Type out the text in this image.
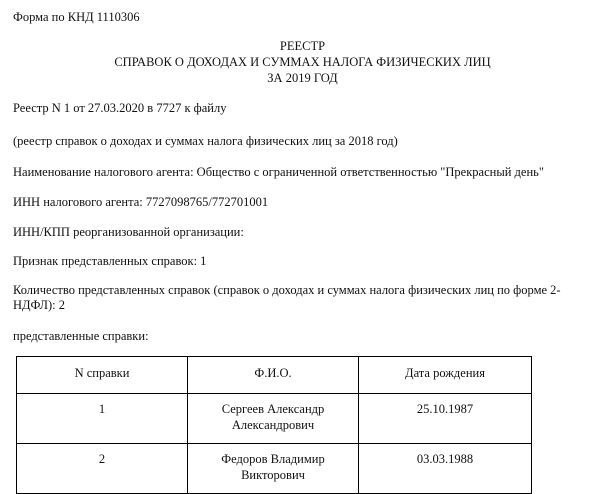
Форма по КНД 1110306
РЕЕСТР
СПРАВОК О ДОХОДАХ И СУММАХ НАЛОГА ФИЗИЧЕСКИХ ЛИЦ
ЗА 2019 ГОД
Реестр N 1 от 27.03.2020 в 7727 к файлу
(реестр справок о доходах и суммах налога физических лиц за 2018 год)
Наименование налогового агента: Общество с ограниченной ответственностью "Прекрасный день"
ИНН налогового агента: 7727098765/772701001
ИНН/КПП реорганизованной организации:
Признак представленных справок: 1
Количество представленных справок (справок о доходах и суммах налога физических лиц по форме 2-НДФЛ): 2
представленные справки:
N справки	Ф.И.О.	Дата рождения
1	Сергеев Александр Александрович	25.10.1987
2	Федоров Владимир Викторович	03.03.1988
